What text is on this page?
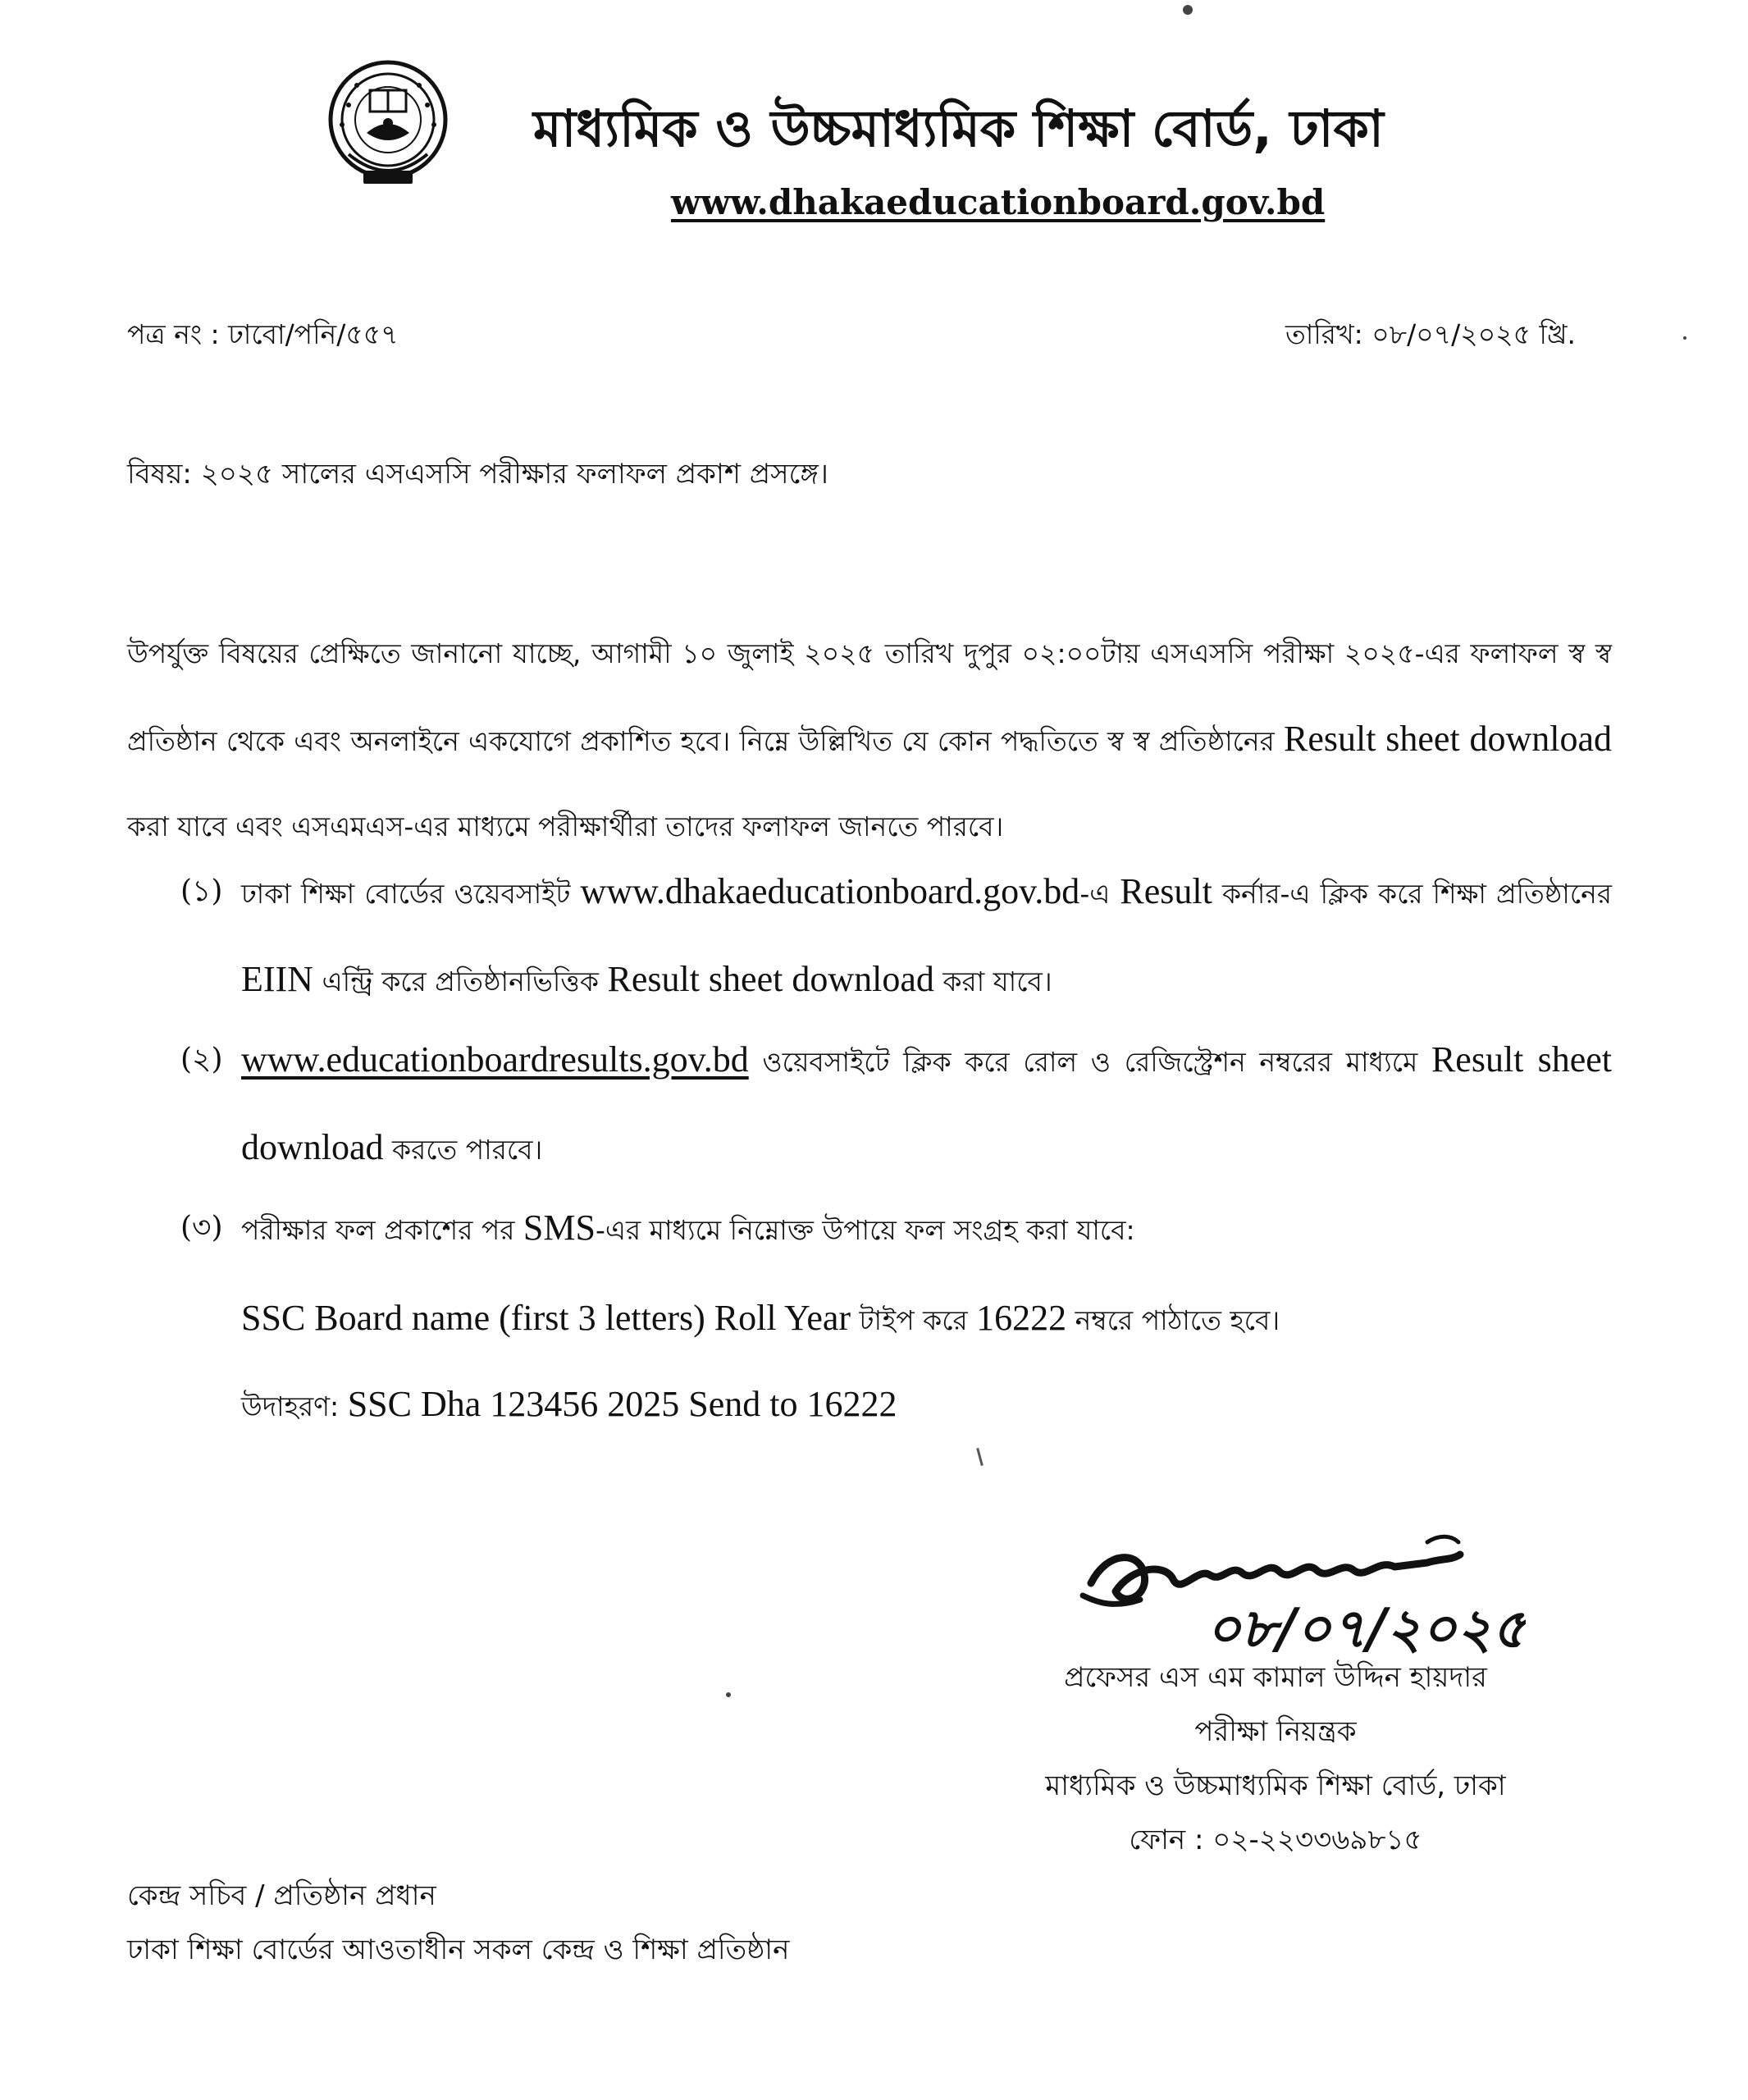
মাধ্যমিক ও উচ্চমাধ্যমিক শিক্ষা বোর্ড, ঢাকা
www.dhakaeducationboard.gov.bd
পত্র নং : ঢাবো/পনি/৫৫৭	তারিখ: ০৮/০৭/২০২৫ খ্রি.
বিষয়: ২০২৫ সালের এসএসসি পরীক্ষার ফলাফল প্রকাশ প্রসঙ্গে।
উপর্যুক্ত বিষয়ের প্রেক্ষিতে জানানো যাচ্ছে, আগামী ১০ জুলাই ২০২৫ তারিখ দুপুর ০২:০০টায় এসএসসি পরীক্ষা ২০২৫-এর ফলাফল স্ব স্ব প্রতিষ্ঠান থেকে এবং অনলাইনে একযোগে প্রকাশিত হবে। নিম্নে উল্লিখিত যে কোন পদ্ধতিতে স্ব স্ব প্রতিষ্ঠানের Result sheet download করা যাবে এবং এসএমএস-এর মাধ্যমে পরীক্ষার্থীরা তাদের ফলাফল জানতে পারবে।
(১) ঢাকা শিক্ষা বোর্ডের ওয়েবসাইট www.dhakaeducationboard.gov.bd-এ Result কর্নার-এ ক্লিক করে শিক্ষা প্রতিষ্ঠানের EIIN এন্ট্রি করে প্রতিষ্ঠানভিত্তিক Result sheet download করা যাবে।
(২) www.educationboardresults.gov.bd ওয়েবসাইটে ক্লিক করে রোল ও রেজিস্ট্রেশন নম্বরের মাধ্যমে Result sheet download করতে পারবে।
(৩) পরীক্ষার ফল প্রকাশের পর SMS-এর মাধ্যমে নিম্নোক্ত উপায়ে ফল সংগ্রহ করা যাবে:
SSC Board name (first 3 letters) Roll Year টাইপ করে 16222 নম্বরে পাঠাতে হবে।
উদাহরণ: SSC Dha 123456 2025 Send to 16222
০৮/০৭/২০২৫
প্রফেসর এস এম কামাল উদ্দিন হায়দার
পরীক্ষা নিয়ন্ত্রক
মাধ্যমিক ও উচ্চমাধ্যমিক শিক্ষা বোর্ড, ঢাকা
ফোন : ০২-২২৩৩৬৯৮১৫
কেন্দ্র সচিব / প্রতিষ্ঠান প্রধান
ঢাকা শিক্ষা বোর্ডের আওতাধীন সকল কেন্দ্র ও শিক্ষা প্রতিষ্ঠান
